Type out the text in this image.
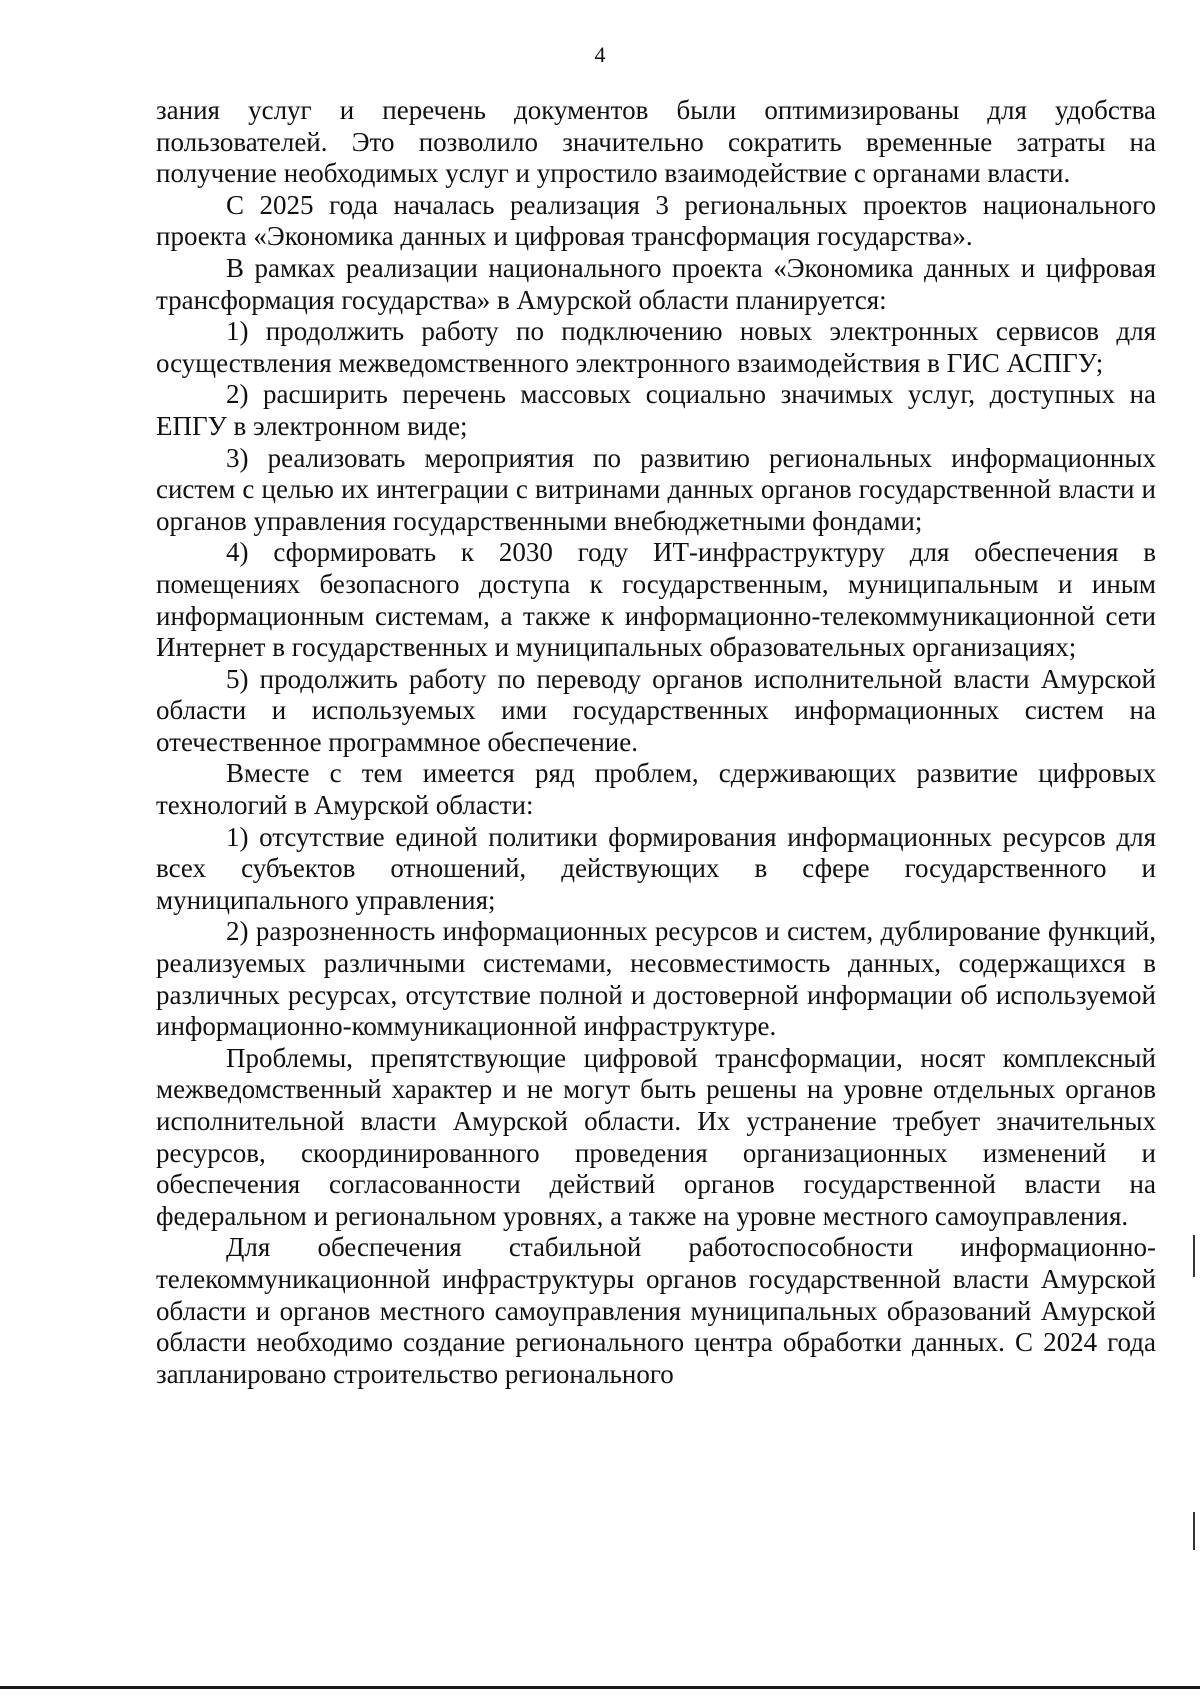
4

зания услуг и перечень документов были оптимизированы для удобства пользователей. Это позволило значительно сократить временные затраты на получение необходимых услуг и упростило взаимодействие с органами власти.

С 2025 года началась реализация 3 региональных проектов национального проекта «Экономика данных и цифровая трансформация государства».

В рамках реализации национального проекта «Экономика данных и цифровая трансформация государства» в Амурской области планируется:

1) продолжить работу по подключению новых электронных сервисов для осуществления межведомственного электронного взаимодействия в ГИС АСПГУ;

2) расширить перечень массовых социально значимых услуг, доступных на ЕПГУ в электронном виде;

3) реализовать мероприятия по развитию региональных информационных систем с целью их интеграции с витринами данных органов государственной власти и органов управления государственными внебюджетными фондами;

4) сформировать к 2030 году ИТ-инфраструктуру для обеспечения в помещениях безопасного доступа к государственным, муниципальным и иным информационным системам, а также к информационно-телекоммуникационной сети Интернет в государственных и муниципальных образовательных организациях;

5) продолжить работу по переводу органов исполнительной власти Амурской области и используемых ими государственных информационных систем на отечественное программное обеспечение.

Вместе с тем имеется ряд проблем, сдерживающих развитие цифровых технологий в Амурской области:

1) отсутствие единой политики формирования информационных ресурсов для всех субъектов отношений, действующих в сфере государственного и муниципального управления;

2) разрозненность информационных ресурсов и систем, дублирование функций, реализуемых различными системами, несовместимость данных, содержащихся в различных ресурсах, отсутствие полной и достоверной информации об используемой информационно-коммуникационной инфраструктуре.

Проблемы, препятствующие цифровой трансформации, носят комплексный межведомственный характер и не могут быть решены на уровне отдельных органов исполнительной власти Амурской области. Их устранение требует значительных ресурсов, скоординированного проведения организационных изменений и обеспечения согласованности действий органов государственной власти на федеральном и региональном уровнях, а также на уровне местного самоуправления.

Для обеспечения стабильной работоспособности информационно-телекоммуникационной инфраструктуры органов государственной власти Амурской области и органов местного самоуправления муниципальных образований Амурской области необходимо создание регионального центра обработки данных. С 2024 года запланировано строительство регионального
